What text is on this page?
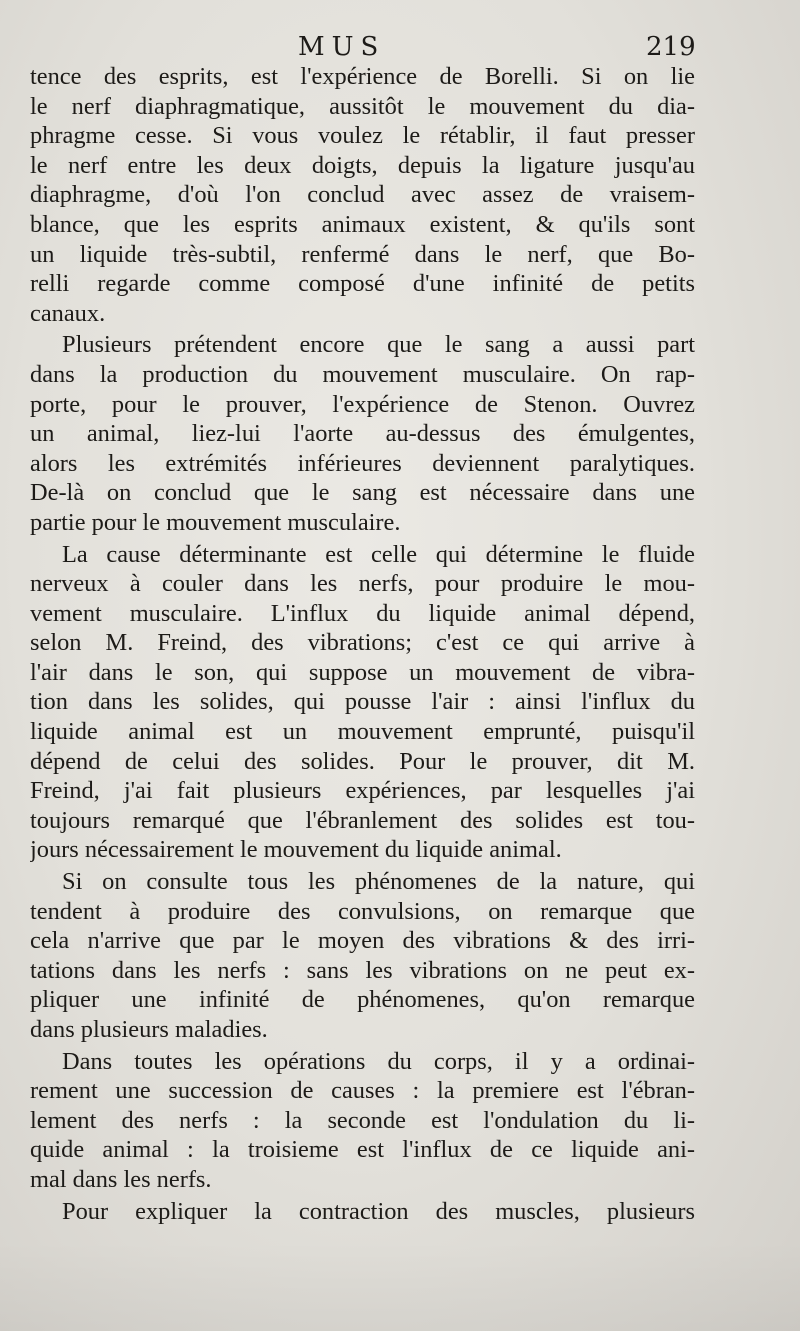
MUS	219
tence des esprits, est l'expérience de Borelli. Si on lie
le nerf diaphragmatique, aussitôt le mouvement du dia-
phragme cesse. Si vous voulez le rétablir, il faut presser
le nerf entre les deux doigts, depuis la ligature jusqu'au
diaphragme, d'où l'on conclud avec assez de vraisem-
blance, que les esprits animaux existent, & qu'ils sont
un liquide très-subtil, renfermé dans le nerf, que Bo-
relli regarde comme composé d'une infinité de petits
canaux.
Plusieurs prétendent encore que le sang a aussi part
dans la production du mouvement musculaire. On rap-
porte, pour le prouver, l'expérience de Stenon. Ouvrez
un animal, liez-lui l'aorte au-dessus des émulgentes,
alors les extrémités inférieures deviennent paralytiques.
De-là on conclud que le sang est nécessaire dans une
partie pour le mouvement musculaire.
La cause déterminante est celle qui détermine le fluide
nerveux à couler dans les nerfs, pour produire le mou-
vement musculaire. L'influx du liquide animal dépend,
selon M. Freind, des vibrations; c'est ce qui arrive à
l'air dans le son, qui suppose un mouvement de vibra-
tion dans les solides, qui pousse l'air : ainsi l'influx du
liquide animal est un mouvement emprunté, puisqu'il
dépend de celui des solides. Pour le prouver, dit M.
Freind, j'ai fait plusieurs expériences, par lesquelles j'ai
toujours remarqué que l'ébranlement des solides est tou-
jours nécessairement le mouvement du liquide animal.
Si on consulte tous les phénomenes de la nature, qui
tendent à produire des convulsions, on remarque que
cela n'arrive que par le moyen des vibrations & des irri-
tations dans les nerfs : sans les vibrations on ne peut ex-
pliquer une infinité de phénomenes, qu'on remarque
dans plusieurs maladies.
Dans toutes les opérations du corps, il y a ordinai-
rement une succession de causes : la premiere est l'ébran-
lement des nerfs : la seconde est l'ondulation du li-
quide animal : la troisieme est l'influx de ce liquide ani-
mal dans les nerfs.
Pour expliquer la contraction des muscles, plusieurs
